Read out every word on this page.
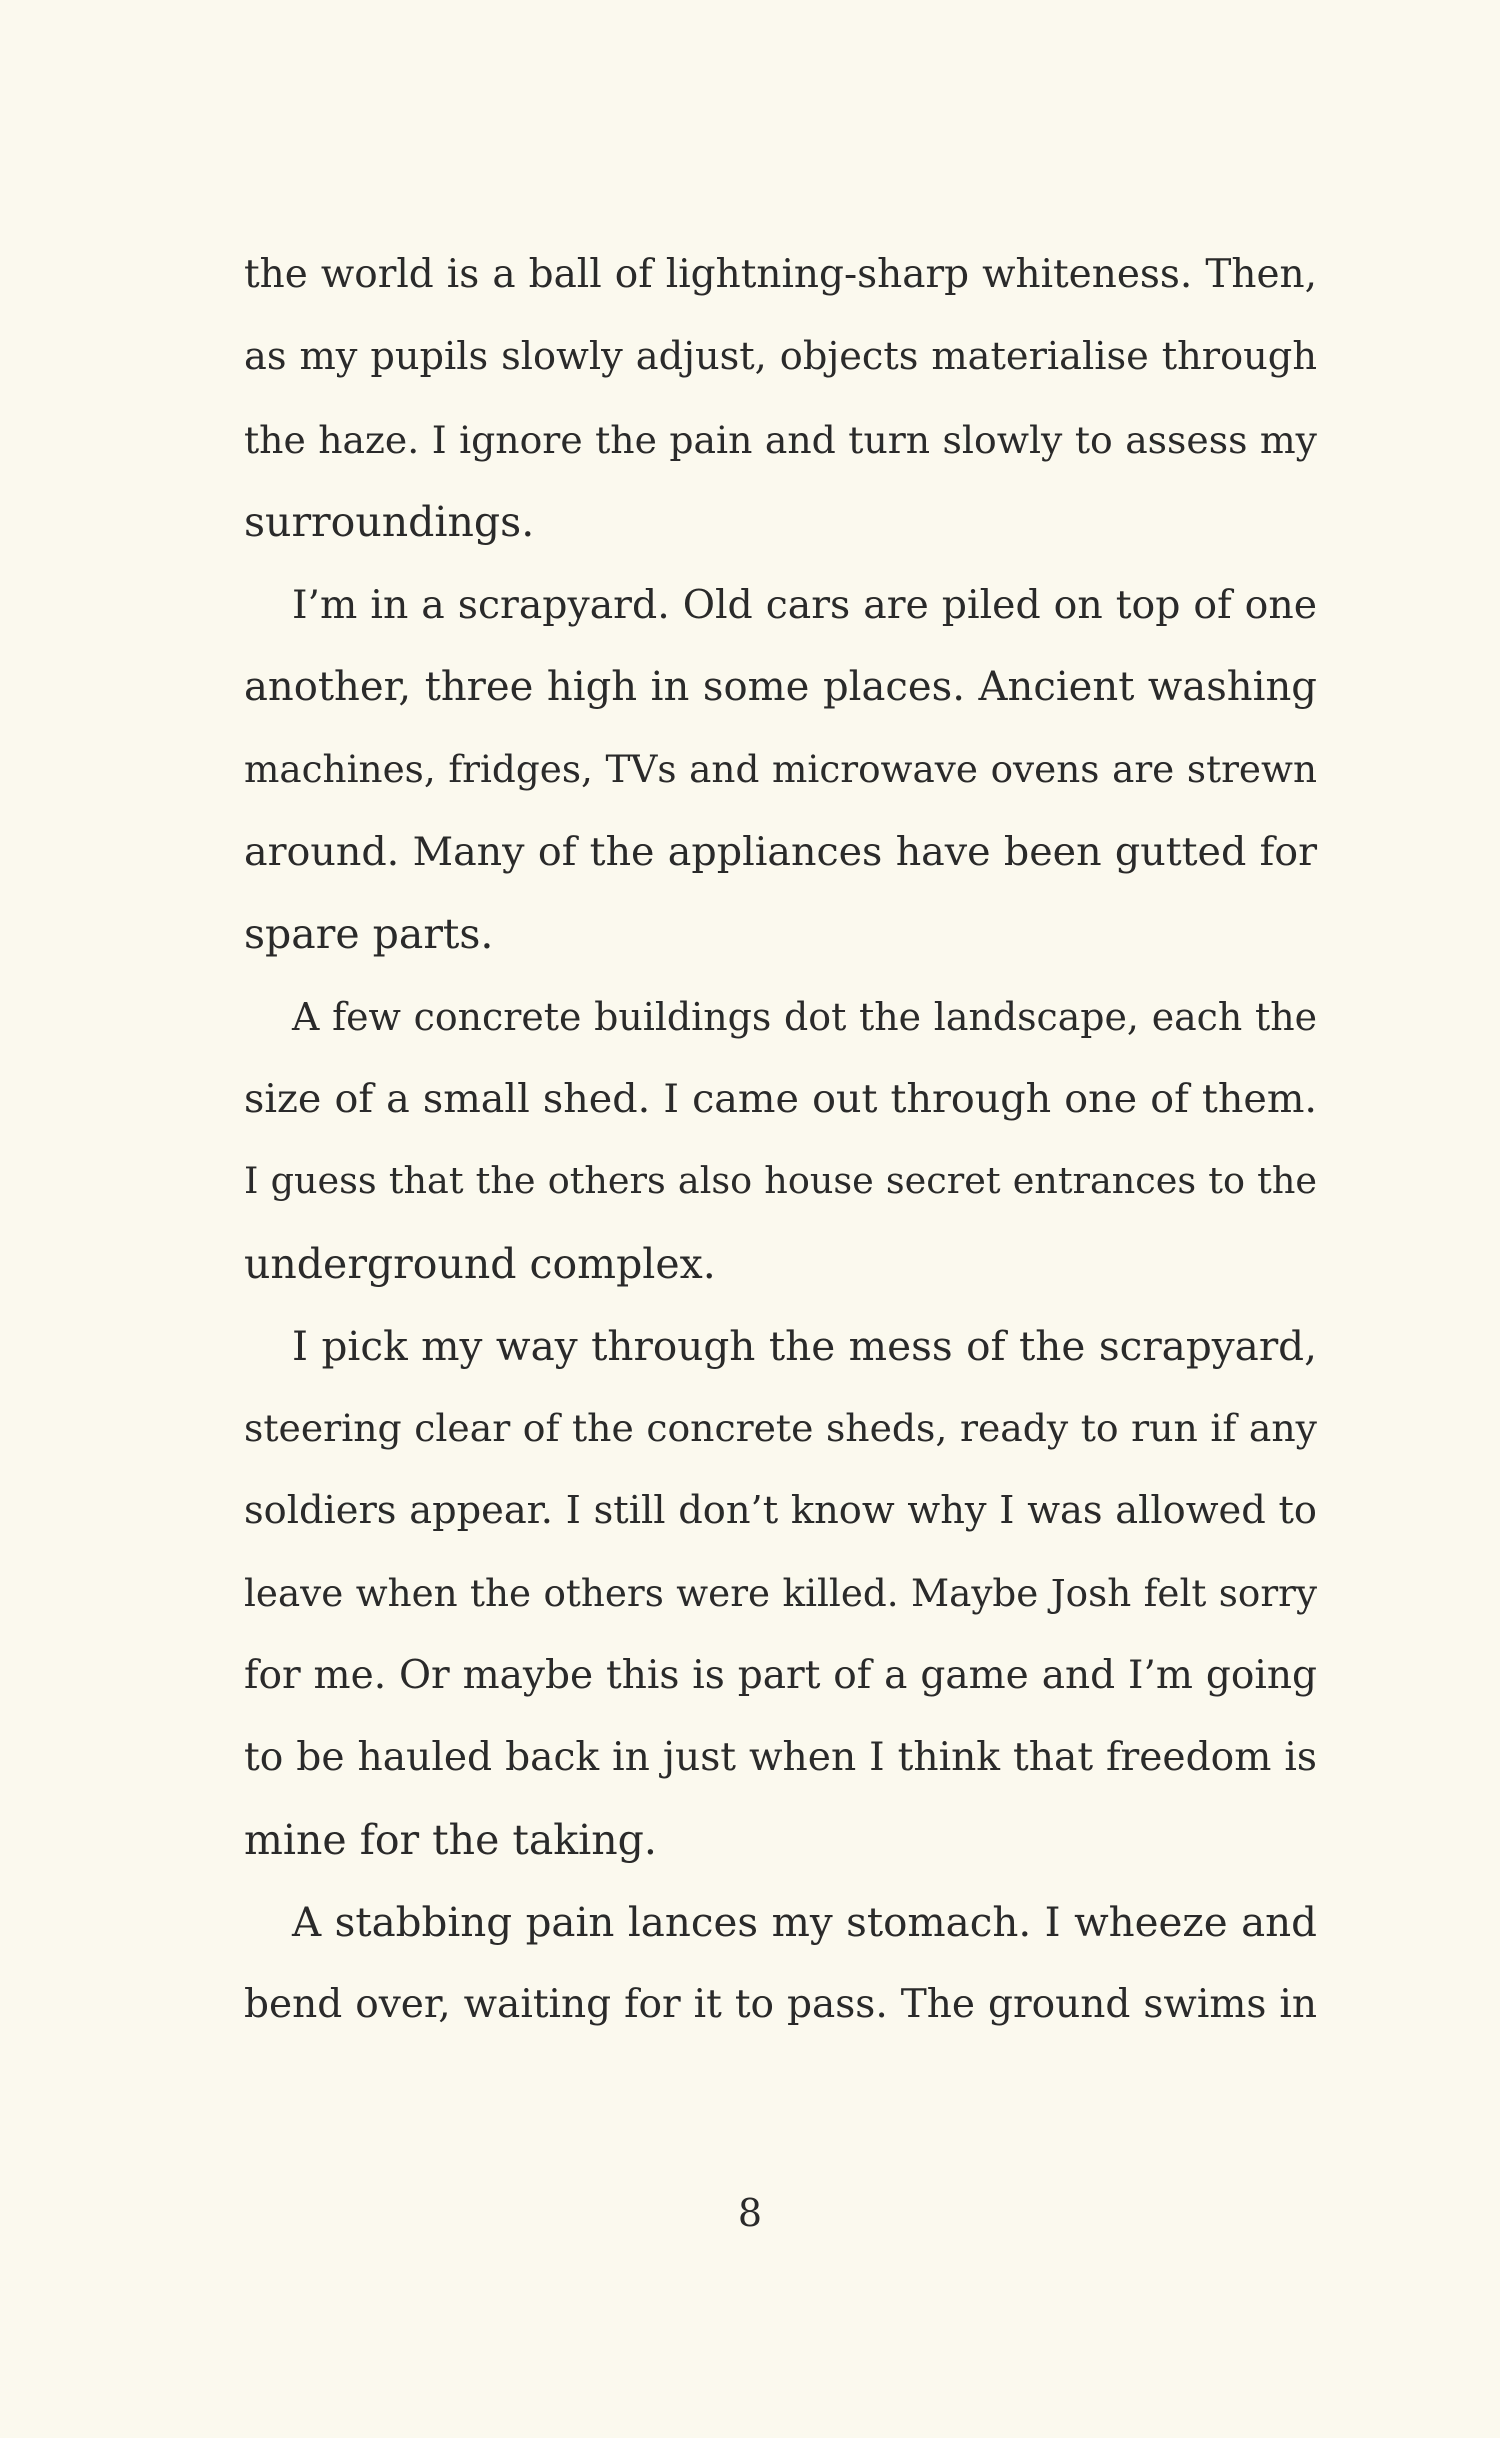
the world is a ball of lightning-sharp whiteness. Then,
as my pupils slowly adjust, objects materialise through
the haze. I ignore the pain and turn slowly to assess my
surroundings.
I’m in a scrapyard. Old cars are piled on top of one
another, three high in some places. Ancient washing
machines, fridges, TVs and microwave ovens are strewn
around. Many of the appliances have been gutted for
spare parts.
A few concrete buildings dot the landscape, each the
size of a small shed. I came out through one of them.
I guess that the others also house secret entrances to the
underground complex.
I pick my way through the mess of the scrapyard,
steering clear of the concrete sheds, ready to run if any
soldiers appear. I still don’t know why I was allowed to
leave when the others were killed. Maybe Josh felt sorry
for me. Or maybe this is part of a game and I’m going
to be hauled back in just when I think that freedom is
mine for the taking.
A stabbing pain lances my stomach. I wheeze and
bend over, waiting for it to pass. The ground swims in
8
